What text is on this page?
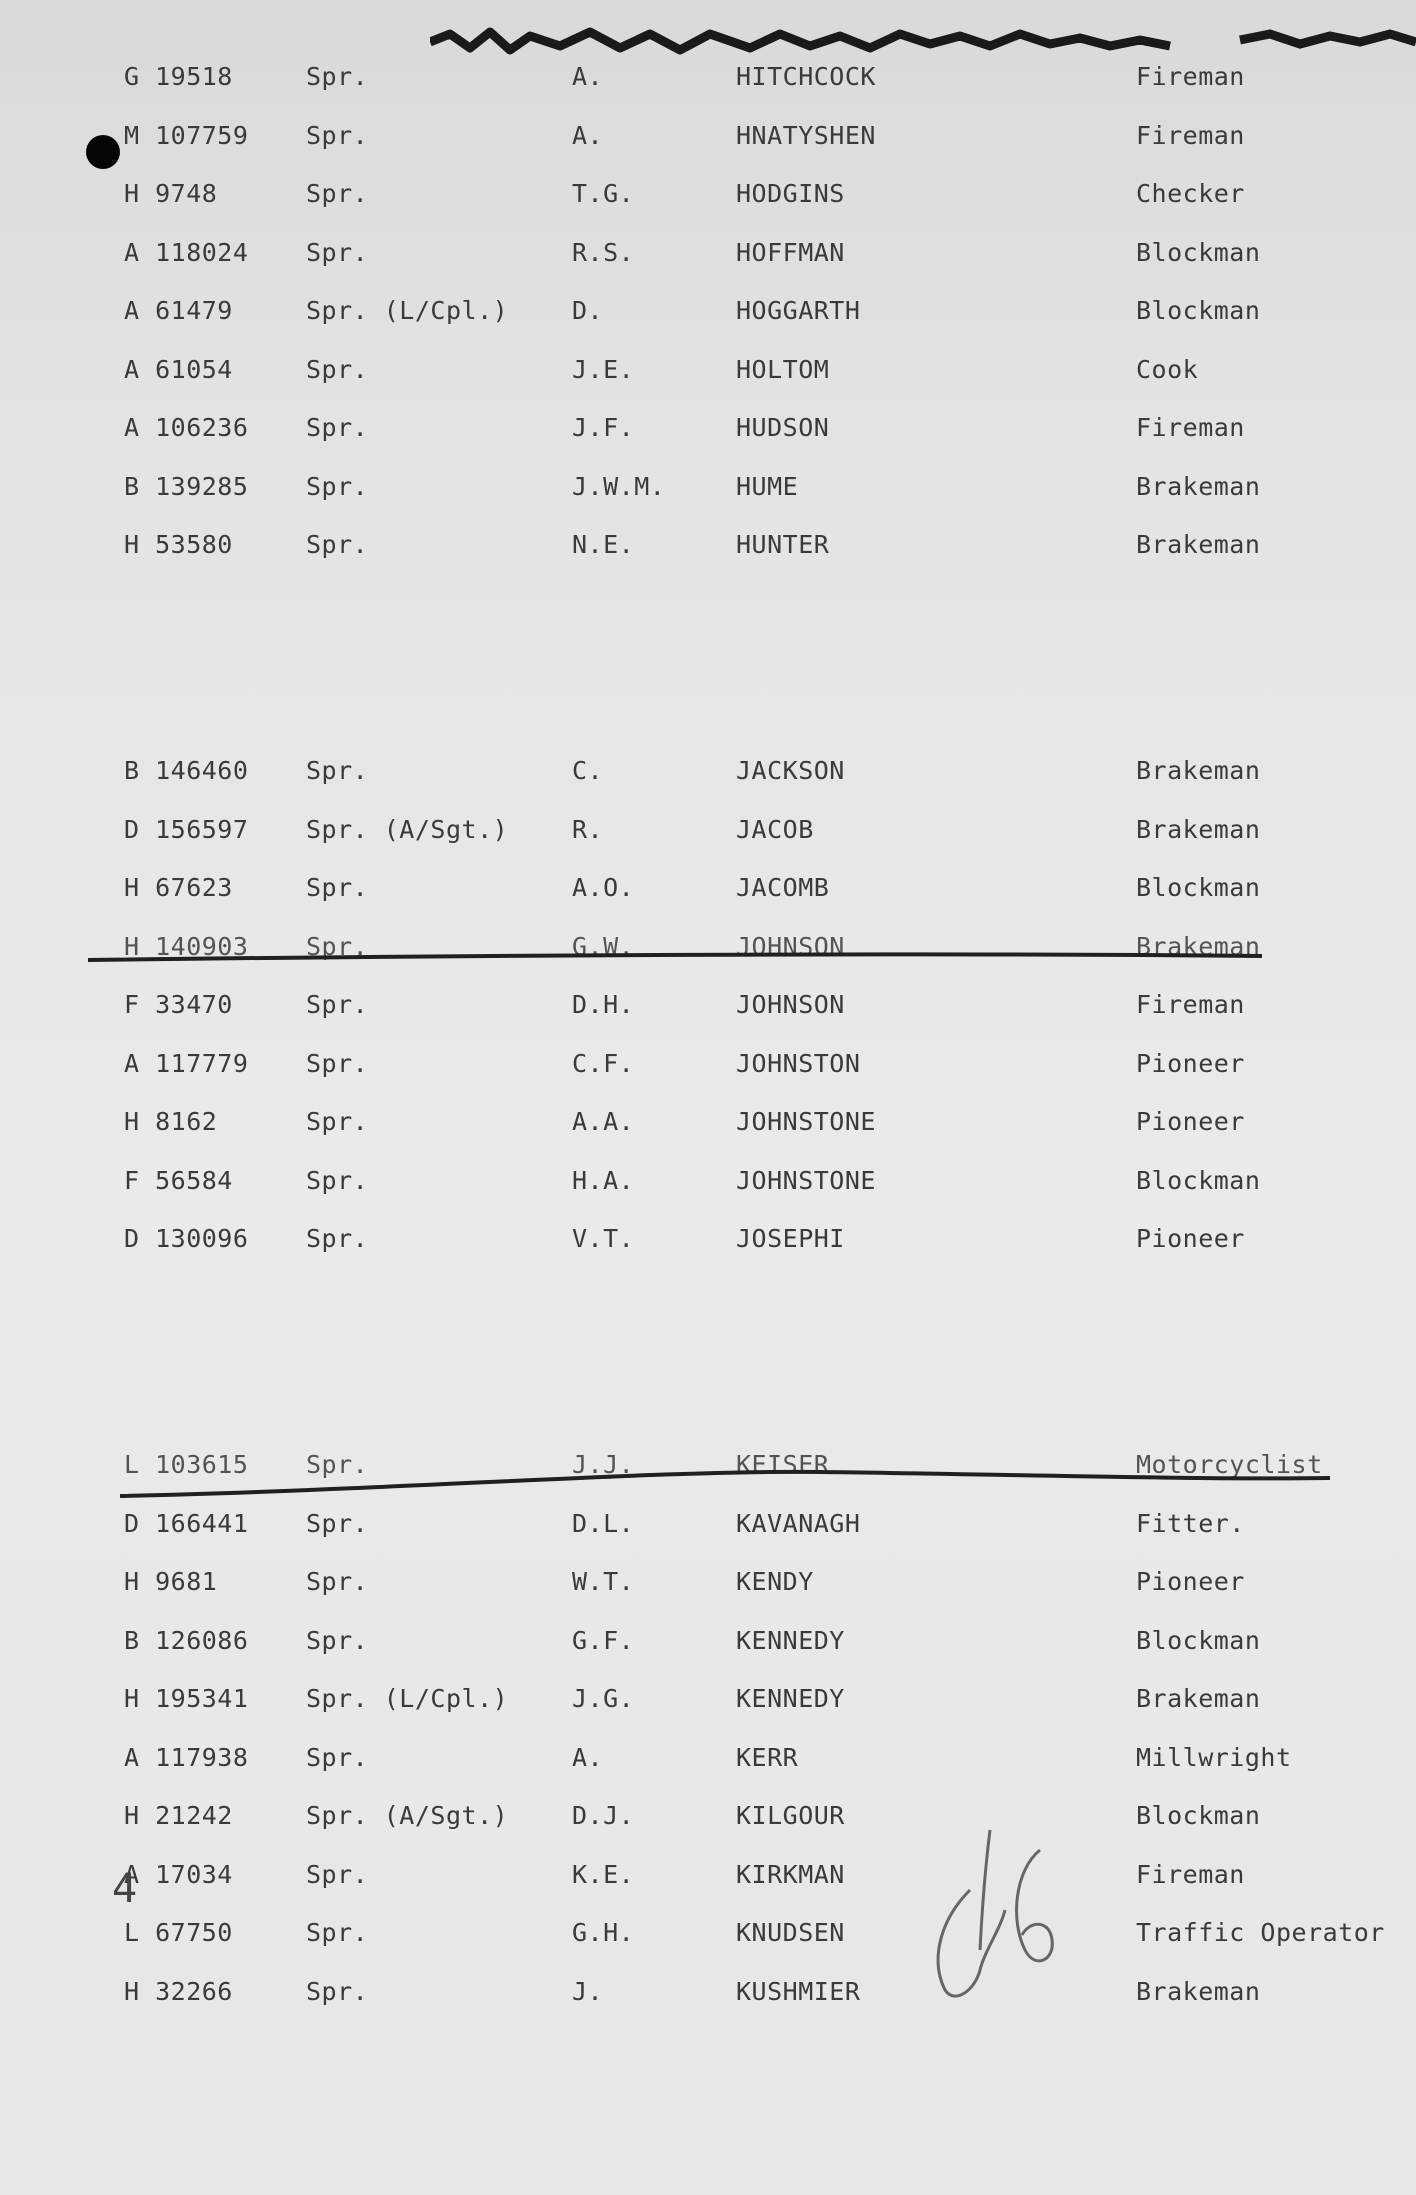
G 19518	Spr.	A.	HITCHCOCK	Fireman
M 107759 Spr.	A.	HNATYSHEN	Fireman
H 9748	Spr.	T.G.	HODGINS	Checker
A 118024 Spr.	R.S.	HOFFMAN	Blockman
A 61479	Spr. (L/Cpl.)	D.	HOGGARTH	Blockman
A 61054	Spr.	J.E.	HOLTOM	Cook
A 106236 Spr.	J.F.	HUDSON	Fireman
B 139285 Spr.	J.W.M.	HUME	Brakeman
H 53580	Spr.	N.E.	HUNTER	Brakeman
B 146460 Spr.	C.	JACKSON	Brakeman
D 156597 Spr. (A/Sgt.)	R.	JACOB	Brakeman
H 67623	Spr.	A.O.	JACOMB	Blockman
H 140903 Spr.	G.W.	JOHNSON	Brakeman
F 33470	Spr.	D.H.	JOHNSON	Fireman
A 117779 Spr.	C.F.	JOHNSTON	Pioneer
H 8162	Spr.	A.A.	JOHNSTONE	Pioneer
F 56584	Spr.	H.A.	JOHNSTONE	Blockman
D 130096 Spr.	V.T.	JOSEPHI	Pioneer
L 103615 Spr.	J.J.	KEISER	Motorcyclist
D 166441 Spr.	D.L.	KAVANAGH	Fitter.
H 9681	Spr.	W.T.	KENDY	Pioneer
B 126086 Spr.	G.F.	KENNEDY	Blockman
H 195341 Spr. (L/Cpl.)	J.G.	KENNEDY	Brakeman
A 117938 Spr.	A.	KERR	Millwright
H 21242	Spr. (A/Sgt.)	D.J.	KILGOUR	Blockman
A 17034	Spr.	K.E.	KIRKMAN	Fireman
L 67750	Spr.	G.H.	KNUDSEN	Traffic Operator
H 32266	Spr.	J.	KUSHMIER	Brakeman
4
